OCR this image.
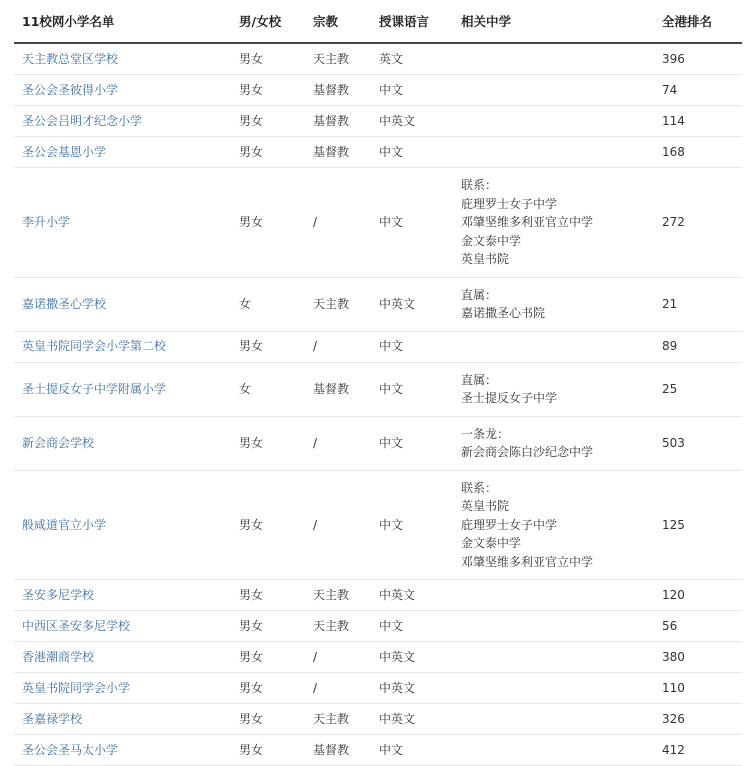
11校网小学名单	男/女校	宗教	授课语言	相关中学	全港排名
天主教总堂区学校	男女	天主教	英文		396
圣公会圣彼得小学	男女	基督教	中文		74
圣公会吕明才纪念小学	男女	基督教	中英文		114
圣公会基恩小学	男女	基督教	中文		168
李升小学	男女	/	中文	联系：
庇理罗士女子中学
邓肇坚维多利亚官立中学
金文泰中学
英皇书院	272
嘉诺撒圣心学校	女	天主教	中英文	直属：
嘉诺撒圣心书院	21
英皇书院同学会小学第二校	男女	/	中文		89
圣士提反女子中学附属小学	女	基督教	中文	直属：
圣士提反女子中学	25
新会商会学校	男女	/	中文	一条龙：
新会商会陈白沙纪念中学	503
般咸道官立小学	男女	/	中文	联系：
英皇书院
庇理罗士女子中学
金文泰中学
邓肇坚维多利亚官立中学	125
圣安多尼学校	男女	天主教	中英文		120
中西区圣安多尼学校	男女	天主教	中文		56
香港潮商学校	男女	/	中英文		380
英皇书院同学会小学	男女	/	中英文		110
圣嘉禄学校	男女	天主教	中英文		326
圣公会圣马太小学	男女	基督教	中文		412
